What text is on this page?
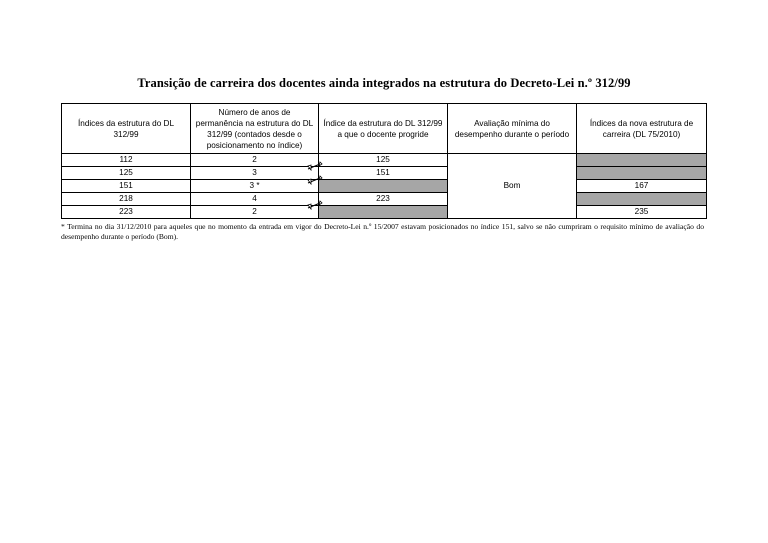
Transição de carreira dos docentes ainda integrados na estrutura do Decreto-Lei n.º 312/99
Índices da estrutura do DL 312/99	Número de anos de permanência na estrutura do DL 312/99 (contados desde o posicionamento no índice)	Índice da estrutura do DL 312/99 a que o docente progride	Avaliação mínima do desempenho durante o período	Índices da nova estrutura de carreira (DL 75/2010)
112	2	125	Bom	
125	3	151		
151	3 *			167
218	4	223		
223	2			235
* Termina no dia 31/12/2010 para aqueles que no momento da entrada em vigor do Decreto-Lei n.º 15/2007 estavam posicionados no índice 151, salvo se não cumpriram o requisito mínimo de avaliação do desempenho durante o período (Bom).
